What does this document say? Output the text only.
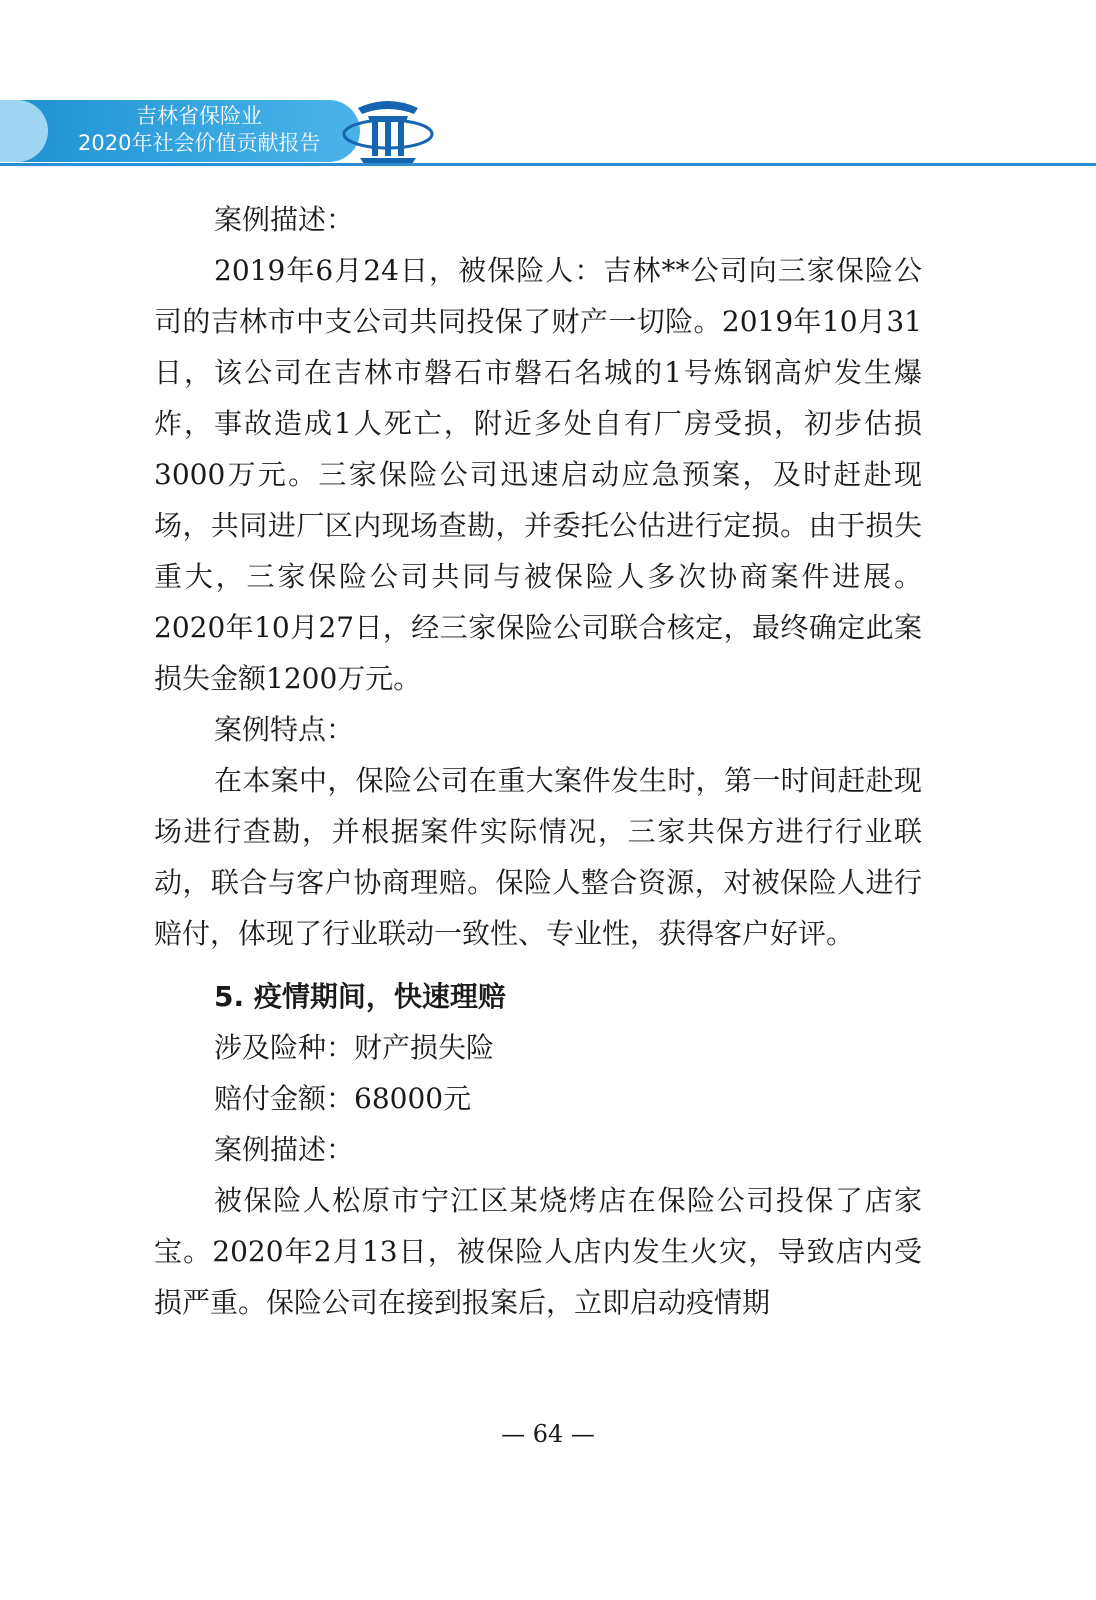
吉林省保险业
2020年社会价值贡献报告

案例描述：

2019年6月24日，被保险人：吉林**公司向三家保险公司的吉林市中支公司共同投保了财产一切险。2019年10月31日，该公司在吉林市磐石市磐石名城的1号炼钢高炉发生爆炸，事故造成1人死亡，附近多处自有厂房受损，初步估损3000万元。三家保险公司迅速启动应急预案，及时赶赴现场，共同进厂区内现场查勘，并委托公估进行定损。由于损失重大，三家保险公司共同与被保险人多次协商案件进展。2020年10月27日，经三家保险公司联合核定，最终确定此案损失金额1200万元。

案例特点：

在本案中，保险公司在重大案件发生时，第一时间赶赴现场进行查勘，并根据案件实际情况，三家共保方进行行业联动，联合与客户协商理赔。保险人整合资源，对被保险人进行赔付，体现了行业联动一致性、专业性，获得客户好评。

5. 疫情期间，快速理赔

涉及险种：财产损失险

赔付金额：68000元

案例描述：

被保险人松原市宁江区某烧烤店在保险公司投保了店家宝。2020年2月13日，被保险人店内发生火灾，导致店内受损严重。保险公司在接到报案后，立即启动疫情期

— 64 —
